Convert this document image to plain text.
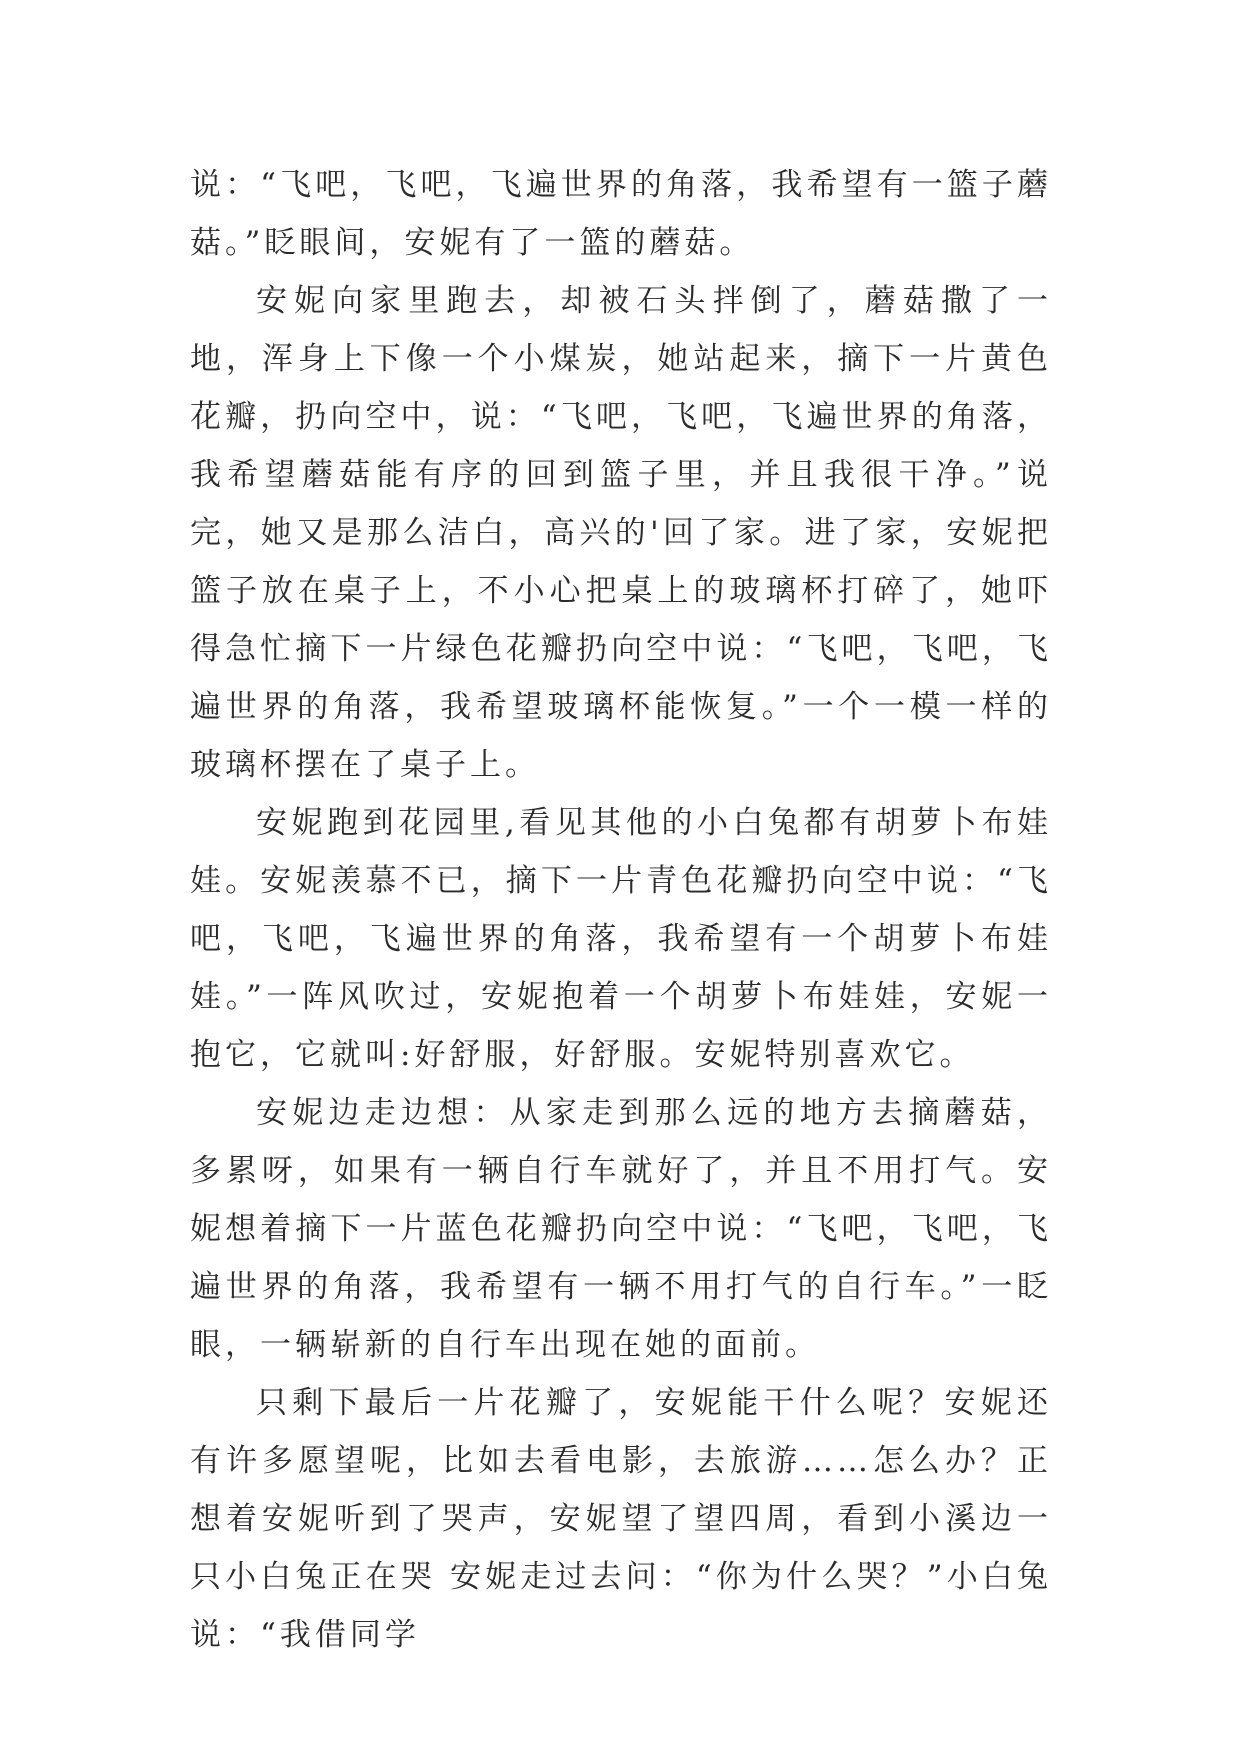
说：“飞吧，飞吧，飞遍世界的角落，我希望有一篮子蘑菇。”眨眼间，安妮有了一篮的蘑菇。

安妮向家里跑去，却被石头拌倒了，蘑菇撒了一地，浑身上下像一个小煤炭，她站起来，摘下一片黄色花瓣，扔向空中，说：“飞吧，飞吧，飞遍世界的角落，我希望蘑菇能有序的回到篮子里，并且我很干净。”说完，她又是那么洁白，高兴的'回了家。进了家，安妮把篮子放在桌子上，不小心把桌上的玻璃杯打碎了，她吓得急忙摘下一片绿色花瓣扔向空中说：“飞吧，飞吧，飞遍世界的角落，我希望玻璃杯能恢复。”一个一模一样的玻璃杯摆在了桌子上。

安妮跑到花园里,看见其他的小白兔都有胡萝卜布娃娃。安妮羡慕不已，摘下一片青色花瓣扔向空中说：“飞吧，飞吧，飞遍世界的角落，我希望有一个胡萝卜布娃娃。”一阵风吹过，安妮抱着一个胡萝卜布娃娃，安妮一抱它，它就叫:好舒服，好舒服。安妮特别喜欢它。

安妮边走边想：从家走到那么远的地方去摘蘑菇，多累呀，如果有一辆自行车就好了，并且不用打气。安妮想着摘下一片蓝色花瓣扔向空中说：“飞吧，飞吧，飞遍世界的角落，我希望有一辆不用打气的自行车。”一眨眼，一辆崭新的自行车出现在她的面前。

只剩下最后一片花瓣了，安妮能干什么呢？安妮还有许多愿望呢，比如去看电影，去旅游……怎么办？正想着安妮听到了哭声，安妮望了望四周，看到小溪边一只小白兔正在哭 安妮走过去问：“你为什么哭？”小白兔说：“我借同学
